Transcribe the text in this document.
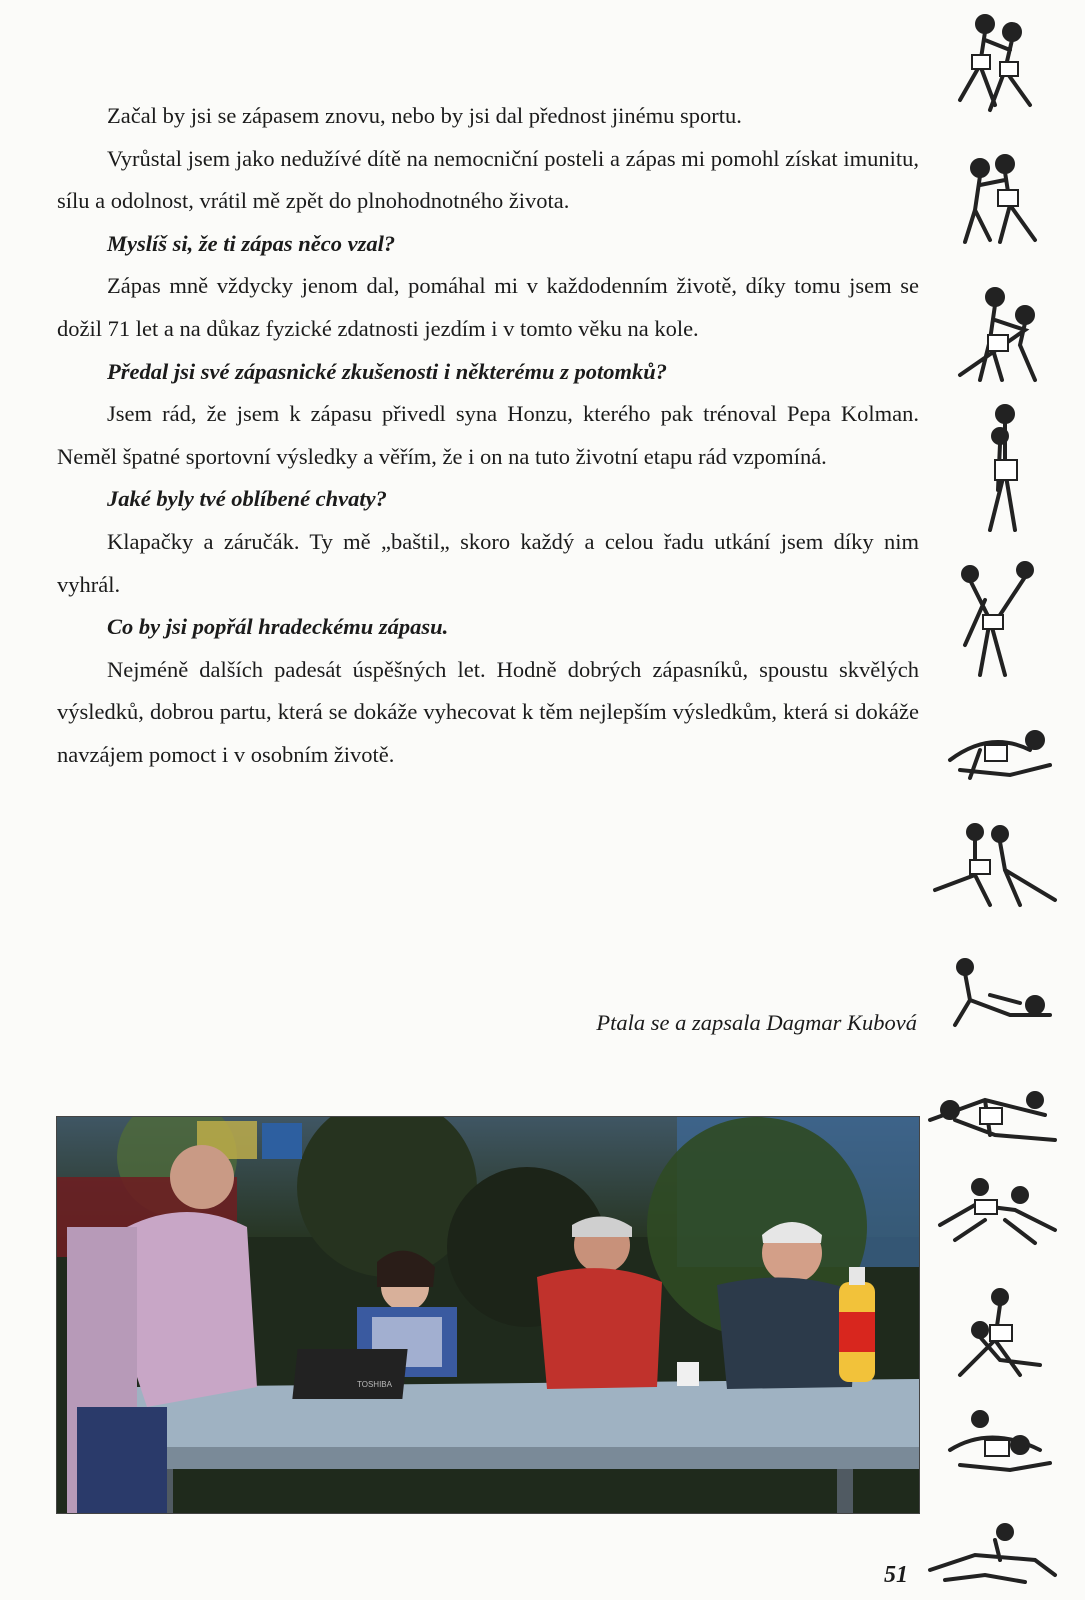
Začal by jsi se zápasem znovu, nebo by jsi dal přednost jinému sportu.

Vyrůstal jsem jako nedužívé dítě na nemocniční posteli a zápas mi pomohl získat imunitu, sílu a odolnost, vrátil mě zpět do plnohodnotného života.

Myslíš si, že ti zápas něco vzal?

Zápas mně vždycky jenom dal, pomáhal mi v každodenním životě, díky tomu jsem se dožil 71 let a na důkaz fyzické zdatnosti jezdím i v tomto věku na kole.

Předal jsi své zápasnické zkušenosti i některému z potomků?

Jsem rád, že jsem k zápasu přivedl syna Honzu, kterého pak trénoval Pepa Kolman. Neměl špatné sportovní výsledky a věřím, že i on na tuto životní etapu rád vzpomíná.

Jaké byly tvé oblíbené chvaty?

Klapačky a záručák. Ty mě „baštil„ skoro každý a celou řadu utkání jsem díky nim vyhrál.

Co by jsi popřál hradeckému zápasu.

Nejméně dalších padesát úspěšných let. Hodně dobrých zápasníků, spoustu skvělých výsledků, dobrou partu, která se dokáže vyhecovat k těm nejlepším výsledkům, která si dokáže navzájem pomoct i v osobním životě.

Ptala se a zapsala Dagmar Kubová
TOSHIBA
51
